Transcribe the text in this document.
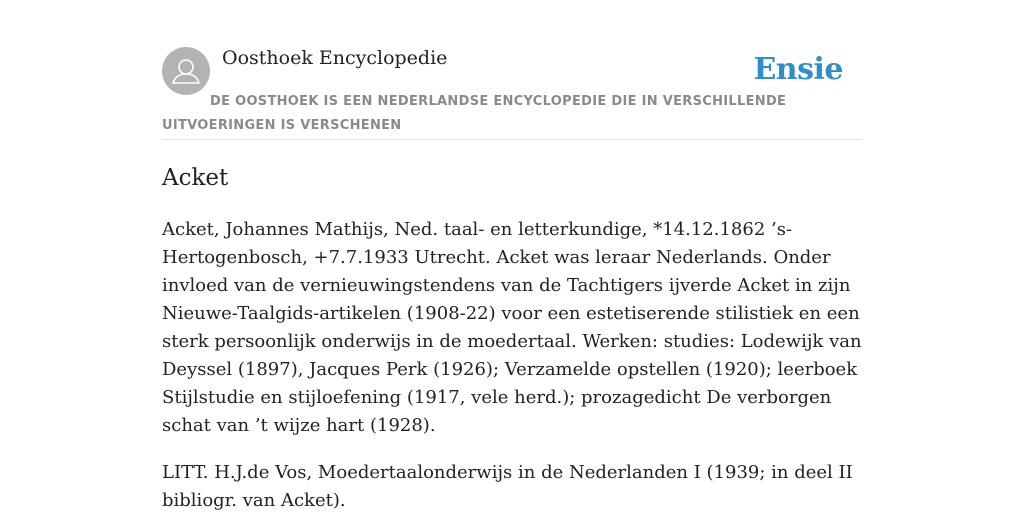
Oosthoek Encyclopedie	Ensie
DE OOSTHOEK IS EEN NEDERLANDSE ENCYCLOPEDIE DIE IN VERSCHILLENDE UITVOERINGEN IS VERSCHENEN
Acket

Acket, Johannes Mathijs, Ned. taal- en letterkundige, *14.12.1862 ’s-Hertogenbosch, +7.7.1933 Utrecht. Acket was leraar Nederlands. Onder invloed van de vernieuwingstendens van de Tachtigers ijverde Acket in zijn Nieuwe-Taalgids-artikelen (1908-22) voor een estetiserende stilistiek en een sterk persoonlijk onderwijs in de moedertaal. Werken: studies: Lodewijk van Deyssel (1897), Jacques Perk (1926); Verzamelde opstellen (1920); leerboek Stijlstudie en stijloefening (1917, vele herd.); prozagedicht De verborgen schat van ’t wijze hart (1928).

LITT. H.J.de Vos, Moedertaalonderwijs in de Nederlanden I (1939; in deel II bibliogr. van Acket).
